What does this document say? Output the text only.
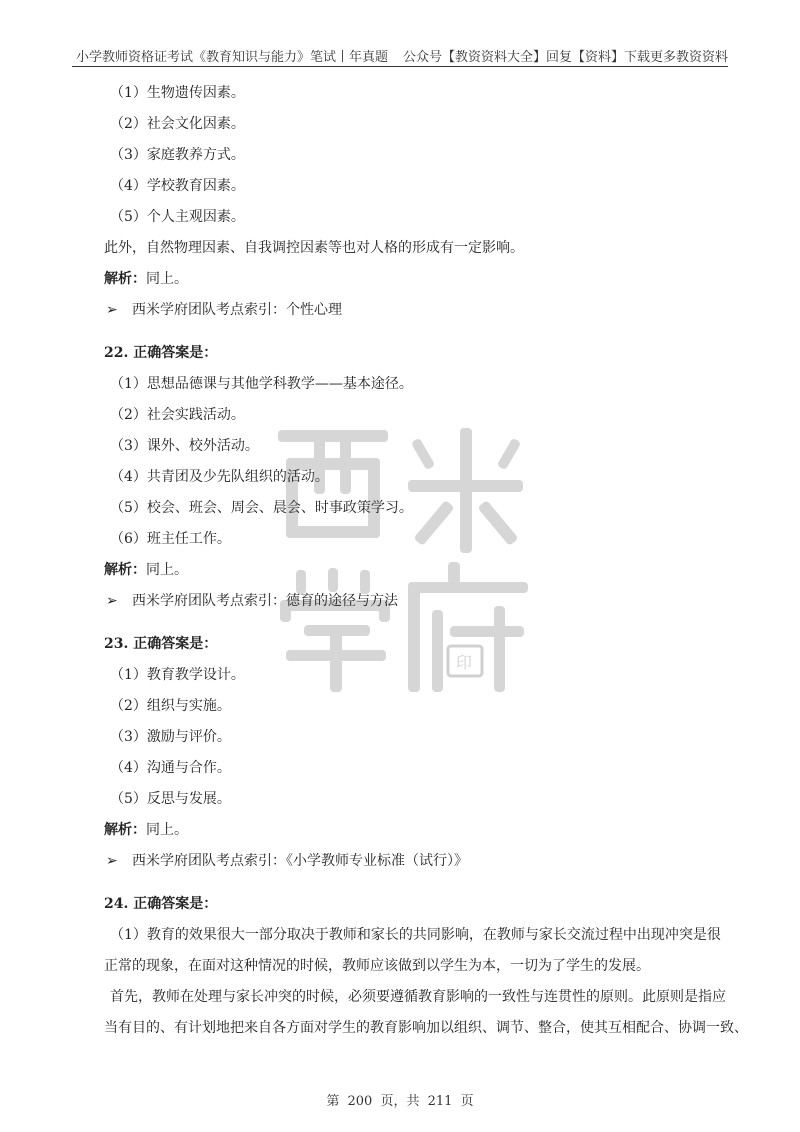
小学教师资格证考试《教育知识与能力》笔试丨年真题 公众号【教资资料大全】回复【资料】下载更多教资资料
印
（1）生物遗传因素。
（2）社会文化因素。
（3）家庭教养方式。
（4）学校教育因素。
（5）个人主观因素。
此外，自然物理因素、自我调控因素等也对人格的形成有一定影响。
解析：同上。
➢ 西米学府团队考点索引：个性心理
22. 正确答案是：
（1）思想品德课与其他学科教学——基本途径。
（2）社会实践活动。
（3）课外、校外活动。
（4）共青团及少先队组织的活动。
（5）校会、班会、周会、晨会、时事政策学习。
（6）班主任工作。
解析：同上。
➢ 西米学府团队考点索引：德育的途径与方法
23. 正确答案是：
（1）教育教学设计。
（2）组织与实施。
（3）激励与评价。
（4）沟通与合作。
（5）反思与发展。
解析：同上。
➢ 西米学府团队考点索引：《小学教师专业标准（试行）》
24. 正确答案是：
（1）教育的效果很大一部分取决于教师和家长的共同影响，在教师与家长交流过程中出现冲突是很
正常的现象，在面对这种情况的时候，教师应该做到以学生为本，一切为了学生的发展。
首先，教师在处理与家长冲突的时候，必须要遵循教育影响的一致性与连贯性的原则。此原则是指应
当有目的、有计划地把来自各方面对学生的教育影响加以组织、调节、整合，使其互相配合、协调一致、
第 200 页，共 211 页
